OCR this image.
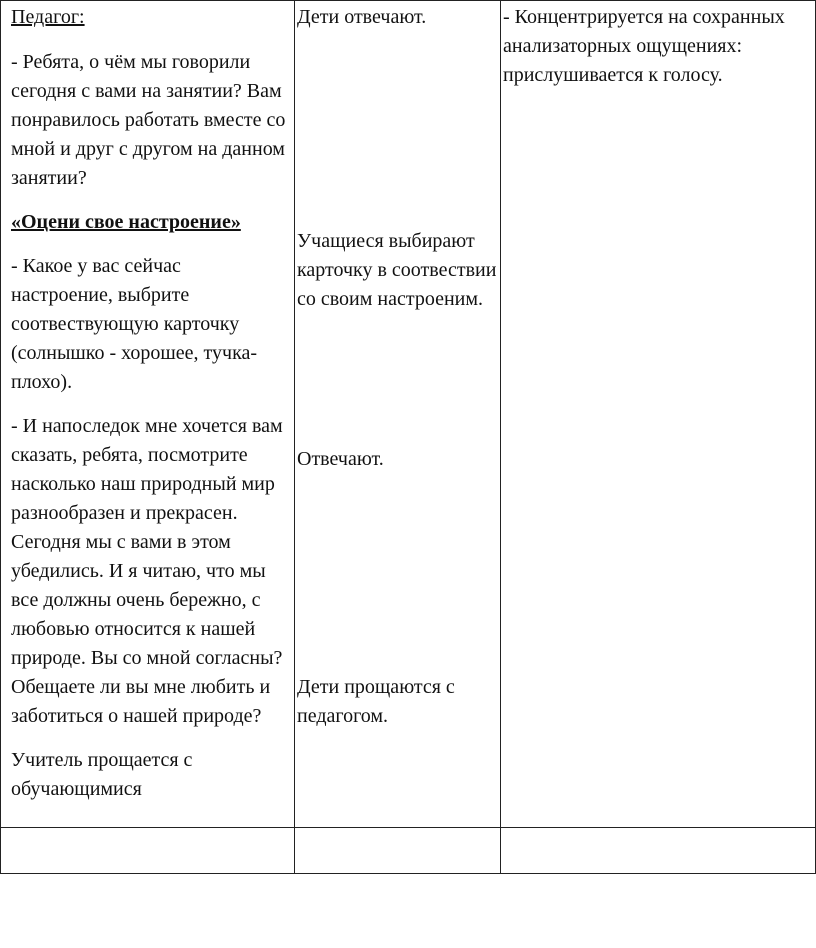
Педагог:

- Ребята, о чём мы говорили сегодня с вами на занятии? Вам понравилось работать вместе со мной и друг с другом на данном занятии?

«Оцени свое настроение»

- Какое у вас сейчас настроение, выбрите соотвествующую карточку (солнышко - хорошее, тучка-плохо).

- И напоследок мне хочется вам сказать, ребята, посмотрите насколько наш природный мир разнообразен и прекрасен. Сегодня мы с вами в этом убедились. И я читаю, что мы все должны очень бережно, с любовью относится к нашей природе. Вы со мной согласны? Обещаете ли вы мне любить и заботиться о нашей природе?

Учитель прощается с обучающимися

Дети отвечают.

Учащиеся выбирают карточку в соотвествии со своим настроеним.

Отвечают.

Дети прощаются с педагогом.

- Концентрируется на сохранных анализаторных ощущениях: прислушивается к голосу.
